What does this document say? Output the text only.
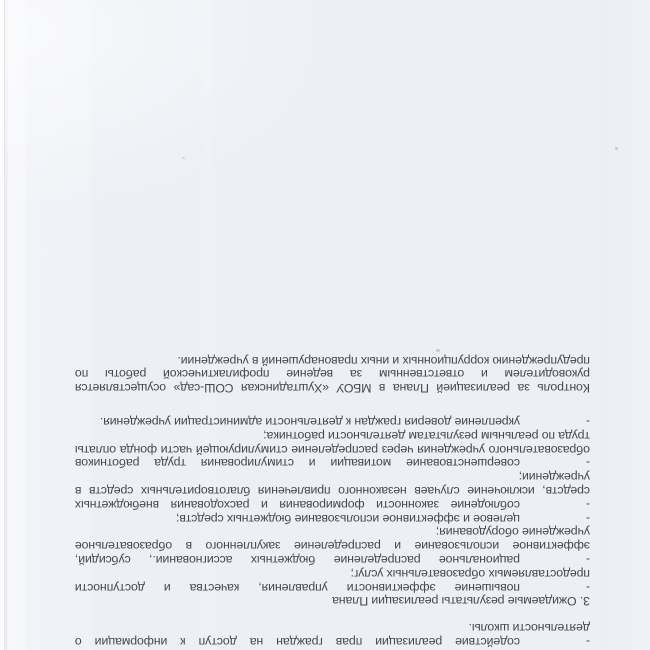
-содействие реализации прав граждан на доступ к информации о деятельности школы.
3. Ожидаемые результаты реализации Плана
-повышение эффективности управления, качества и доступности предоставляемых образовательных услуг;
-рациональное распределение бюджетных ассигновании., субсидий, эффективное использование и распределение закупленного в образовательное учреждение оборудования;
-целевое и эффективное использование бюджетных средств;
-соблюдение законности формирования и расходования внебюджетных средств, исключение случаев незаконного привлечения благотворительных средств в учреждении;
-совершенствование мотивации и стимулирования труда работников образовательного учреждения через распределение стимулирующей части фонда оплаты труда по реальным результатам деятельности работника;
-укрепление доверия граждан к деятельности администрации учреждения.
Контроль за реализацией Плана в МБОУ «Хуштадинская СОШ-сад» осуществляется руководителем и ответственным за ведение профилактической работы по предупреждению коррупционных и иных правонарушений в учреждении.
